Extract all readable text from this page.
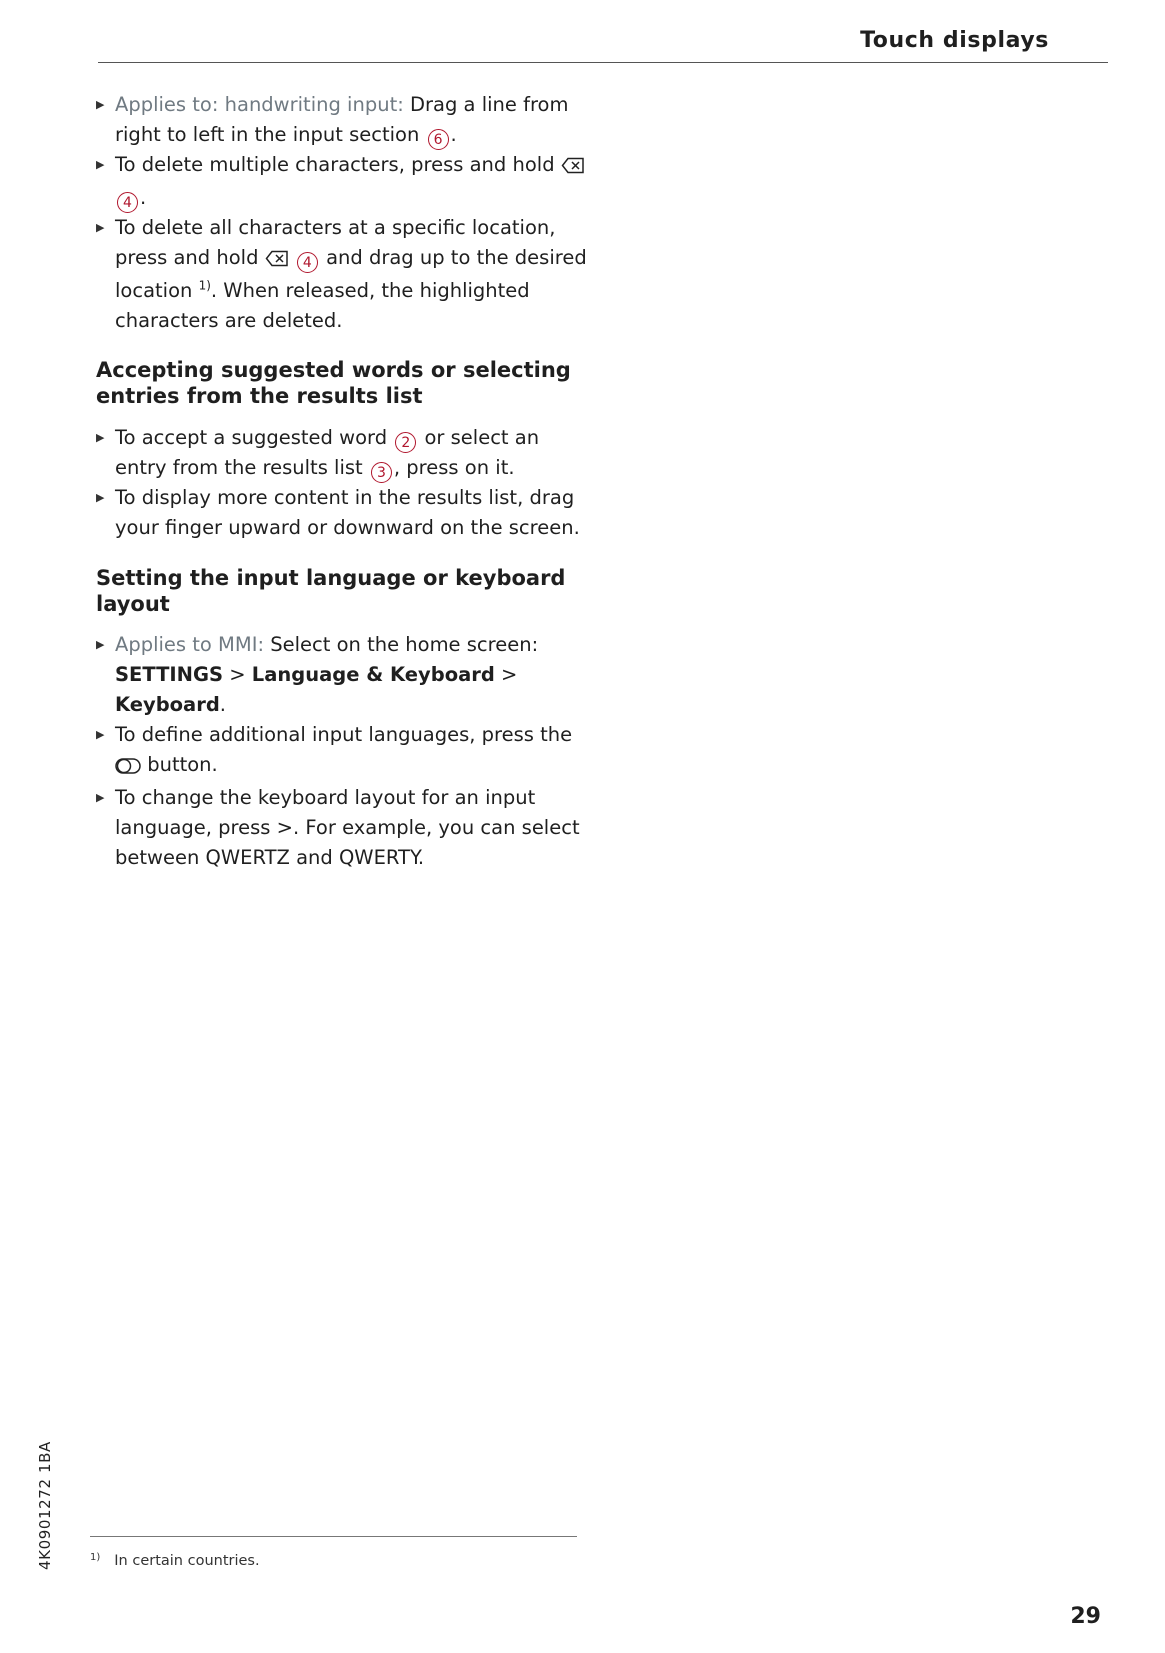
Touch displays
▶ Applies to: handwriting input: Drag a line from right to left in the input section 6 .
▶ To delete multiple characters, press and hold  4 .
▶ To delete all characters at a specific location, press and hold	4 and drag up to the desired location $^{1)}$. When released, the highlighted characters are deleted.
Accepting suggested words or selecting entries from the results list
▶ To accept a suggested word 2 or select an entry from the results list 3 , press on it.
▶ To display more content in the results list, drag your finger upward or downward on the screen.
Setting the input language or keyboard layout
▶ Applies to MMI: Select on the home screen: SETTINGS > Language & Keyboard > Keyboard.
▶ To define additional input languages, press the  button.
▶ To change the keyboard layout for an input language, press >. For example, you can select between QWERTZ and QWERTY.
$^{1)}$ In certain countries.
4K0901272 1BA
29
